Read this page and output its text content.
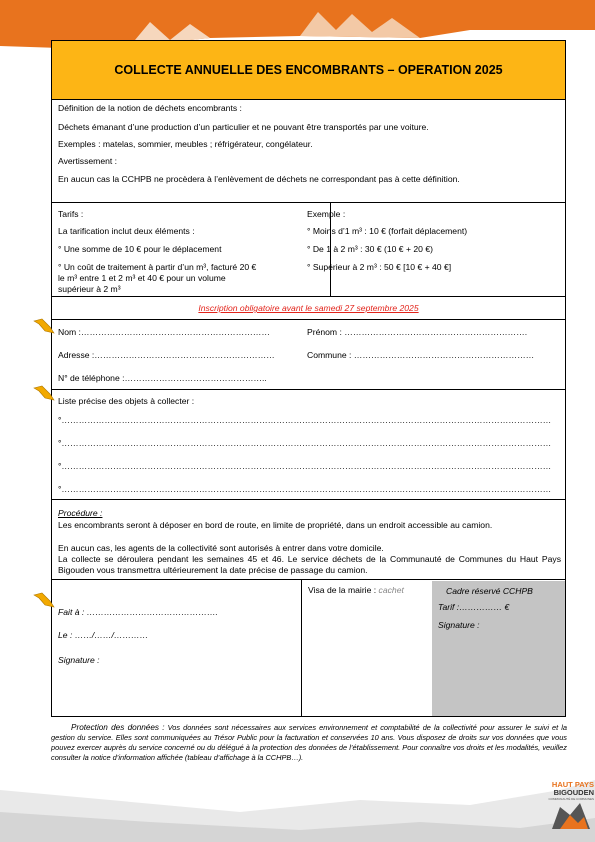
COLLECTE ANNUELLE DES ENCOMBRANTS – OPERATION 2025
Définition de la notion de déchets encombrants :
Déchets émanant d’une production d’un particulier et ne pouvant être transportés par une voiture.
Exemples : matelas, sommier, meubles ; réfrigérateur, congélateur.
Avertissement :
En aucun cas la CCHPB ne procèdera à l’enlèvement de déchets ne correspondant pas à cette définition.
Tarifs :
La tarification inclut deux éléments :
° Une somme de 10 € pour le déplacement
° Un coût de traitement à partir d’un m³, facturé 20 €
le m³ entre 1 et 2 m³ et 40 € pour un volume
supérieur à 2 m³
Exemple :
° Moins d’1 m³ : 10 € (forfait déplacement)
° De 1 à 2 m³ : 30 € (10 € + 20 €)
° Supérieur à 2 m³ : 50 € [10 € + 40 €]
Inscription obligatoire avant le samedi 27 septembre 2025
Nom :…………………………………………………………	Prénom : ……………………………………………………….
Adresse :………………………………………………………	Commune : ………………………………………………………
N° de téléphone :…………………………………………..
Liste précise des objets à collecter :
°………………………………………………………………………………………………………………………………………………………
°………………………………………………………………………………………………………………………………………………………
°………………………………………………………………………………………………………………………………………………………
°………………………………………………………………………………………………………………………………………………………
Procédure :
Les encombrants seront à déposer en bord de route, en limite de propriété, dans un endroit accessible au camion.
En aucun cas, les agents de la collectivité sont autorisés à entrer dans votre domicile.
La collecte se déroulera pendant les semaines 45 et 46. Le service déchets de la Communauté de Communes du Haut Pays Bigouden vous transmettra ultérieurement la date précise de passage du camion.
Fait à : ……………………………………….
Le : ……/……/…………
Signature :
Visa de la mairie : cachet	Cadre réservé CCHPB
Tarif :…………… €
Signature :
Protection des données : Vos données sont nécessaires aux services environnement et comptabilité de la collectivité pour assurer le suivi et la gestion du service. Elles sont communiquées au Trésor Public pour la facturation et conservées 10 ans. Vous disposez de droits sur vos données que vous pouvez exercer auprès du service concerné ou du délégué à la protection des données de l’établissement. Pour connaître vos droits et les modalités, veuillez consulter la notice d’information affichée (tableau d’affichage à la CCHPB…).
HAUT PAYS
BIGOUDEN
COMMUNAUTÉ DE COMMUNES
